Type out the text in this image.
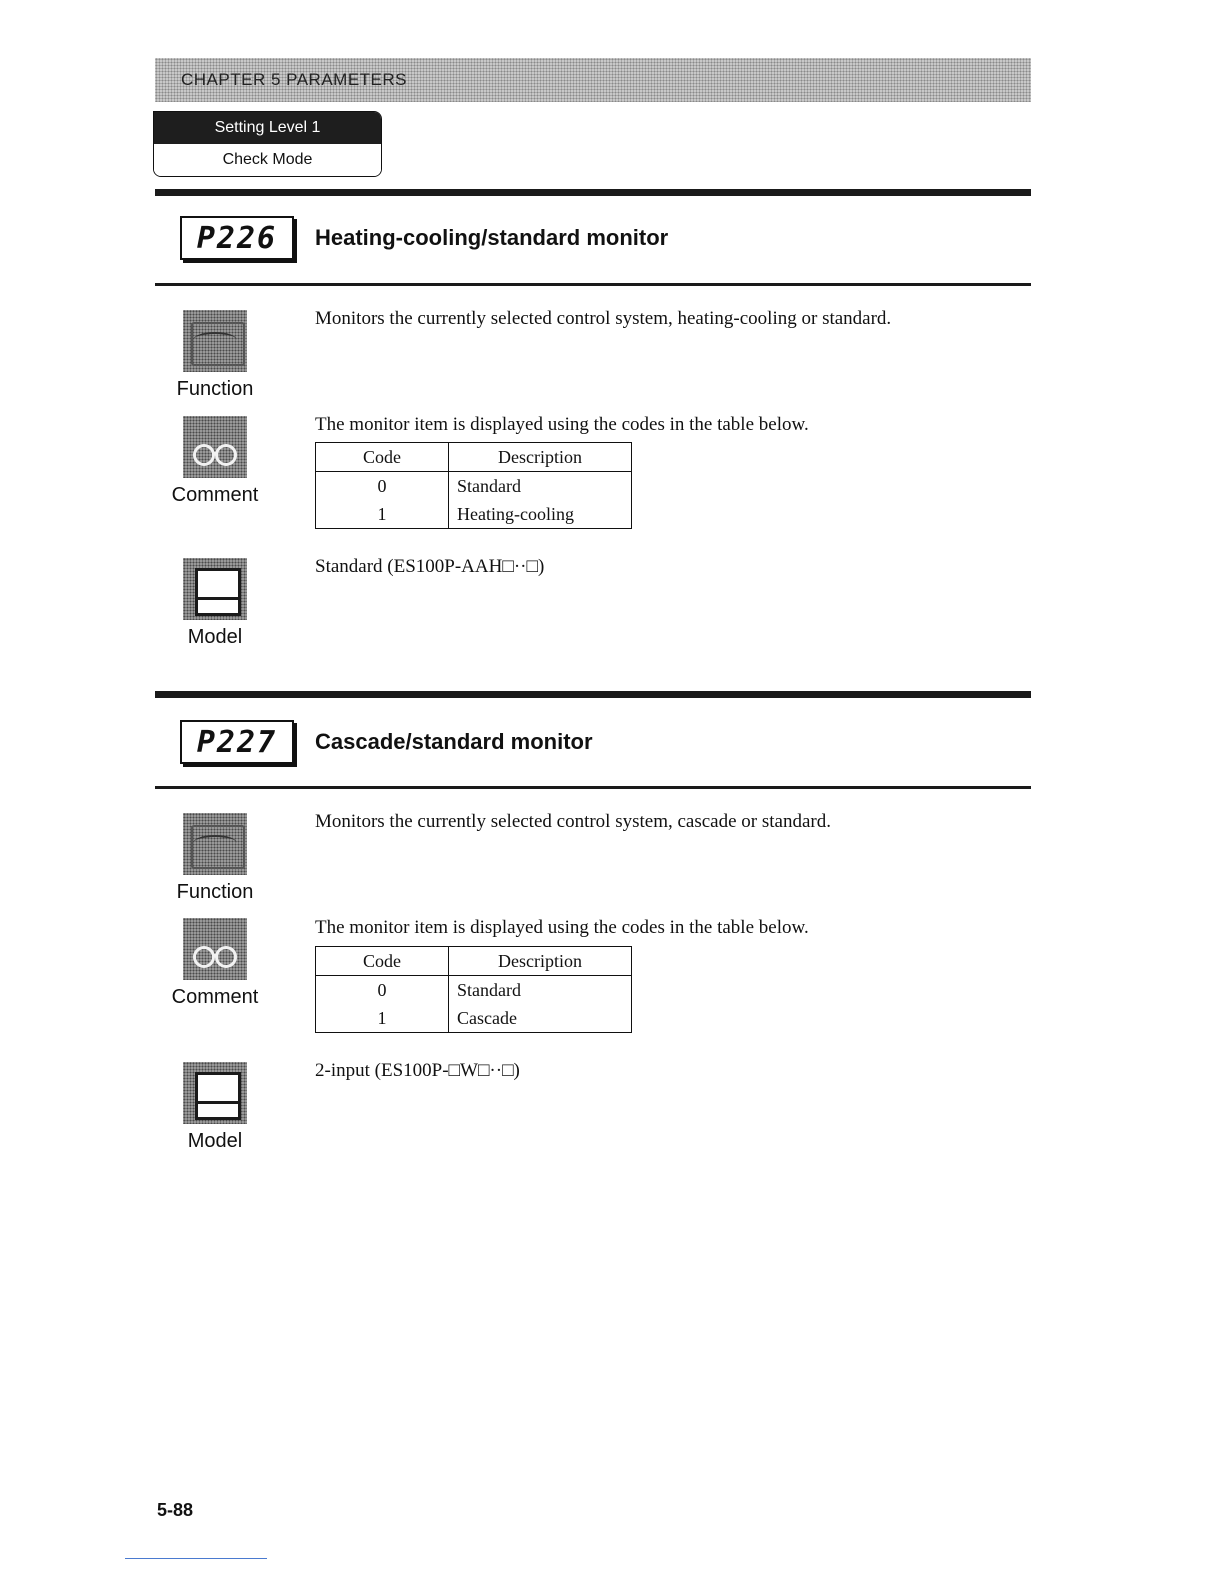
CHAPTER 5 PARAMETERS
Setting Level 1
Check Mode
P226 Heating-cooling/standard monitor
Function
Monitors the currently selected control system, heating-cooling or standard.
Comment
The monitor item is displayed using the codes in the table below.
Code	Description
0	Standard
1	Heating-cooling
Model
Standard (ES100P-AAH□··□)
P227 Cascade/standard monitor
Function
Monitors the currently selected control system, cascade or standard.
Comment
The monitor item is displayed using the codes in the table below.
Code	Description
0	Standard
1	Cascade
Model
2-input (ES100P-□W□··□)
5-88
